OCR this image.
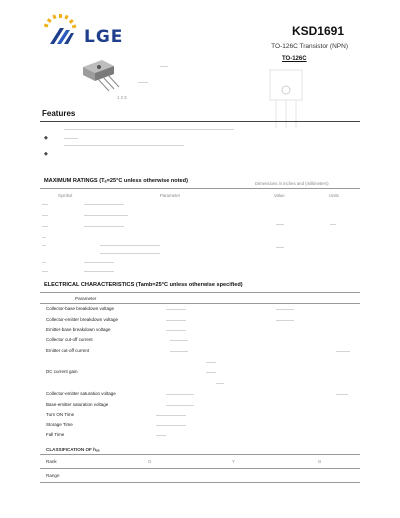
LGE	KSD1691
TO-126C Transistor (NPN)
TO-126C
1 2 3
Features
◆
◆
MAXIMUM RATINGS (Tₐ=25°C unless otherwise noted)	Dimensions in inches and (millimeters)
Symbol	Parameter	Value	Units
ELECTRICAL CHARACTERISTICS (Tamb=25°C unless otherwise specified)
Parameter
Collector-base breakdown voltage
Collector-emitter breakdown voltage
Emitter-base breakdown voltage
Collector cut-off current
Emitter cut-off current
DC current gain
Collector-emitter saturation voltage
Base-emitter saturation voltage
Turn ON Time
Storage Time
Fall Time
CLASSIFICATION OF hₒₑ
Rank	O	Y	G
Range
